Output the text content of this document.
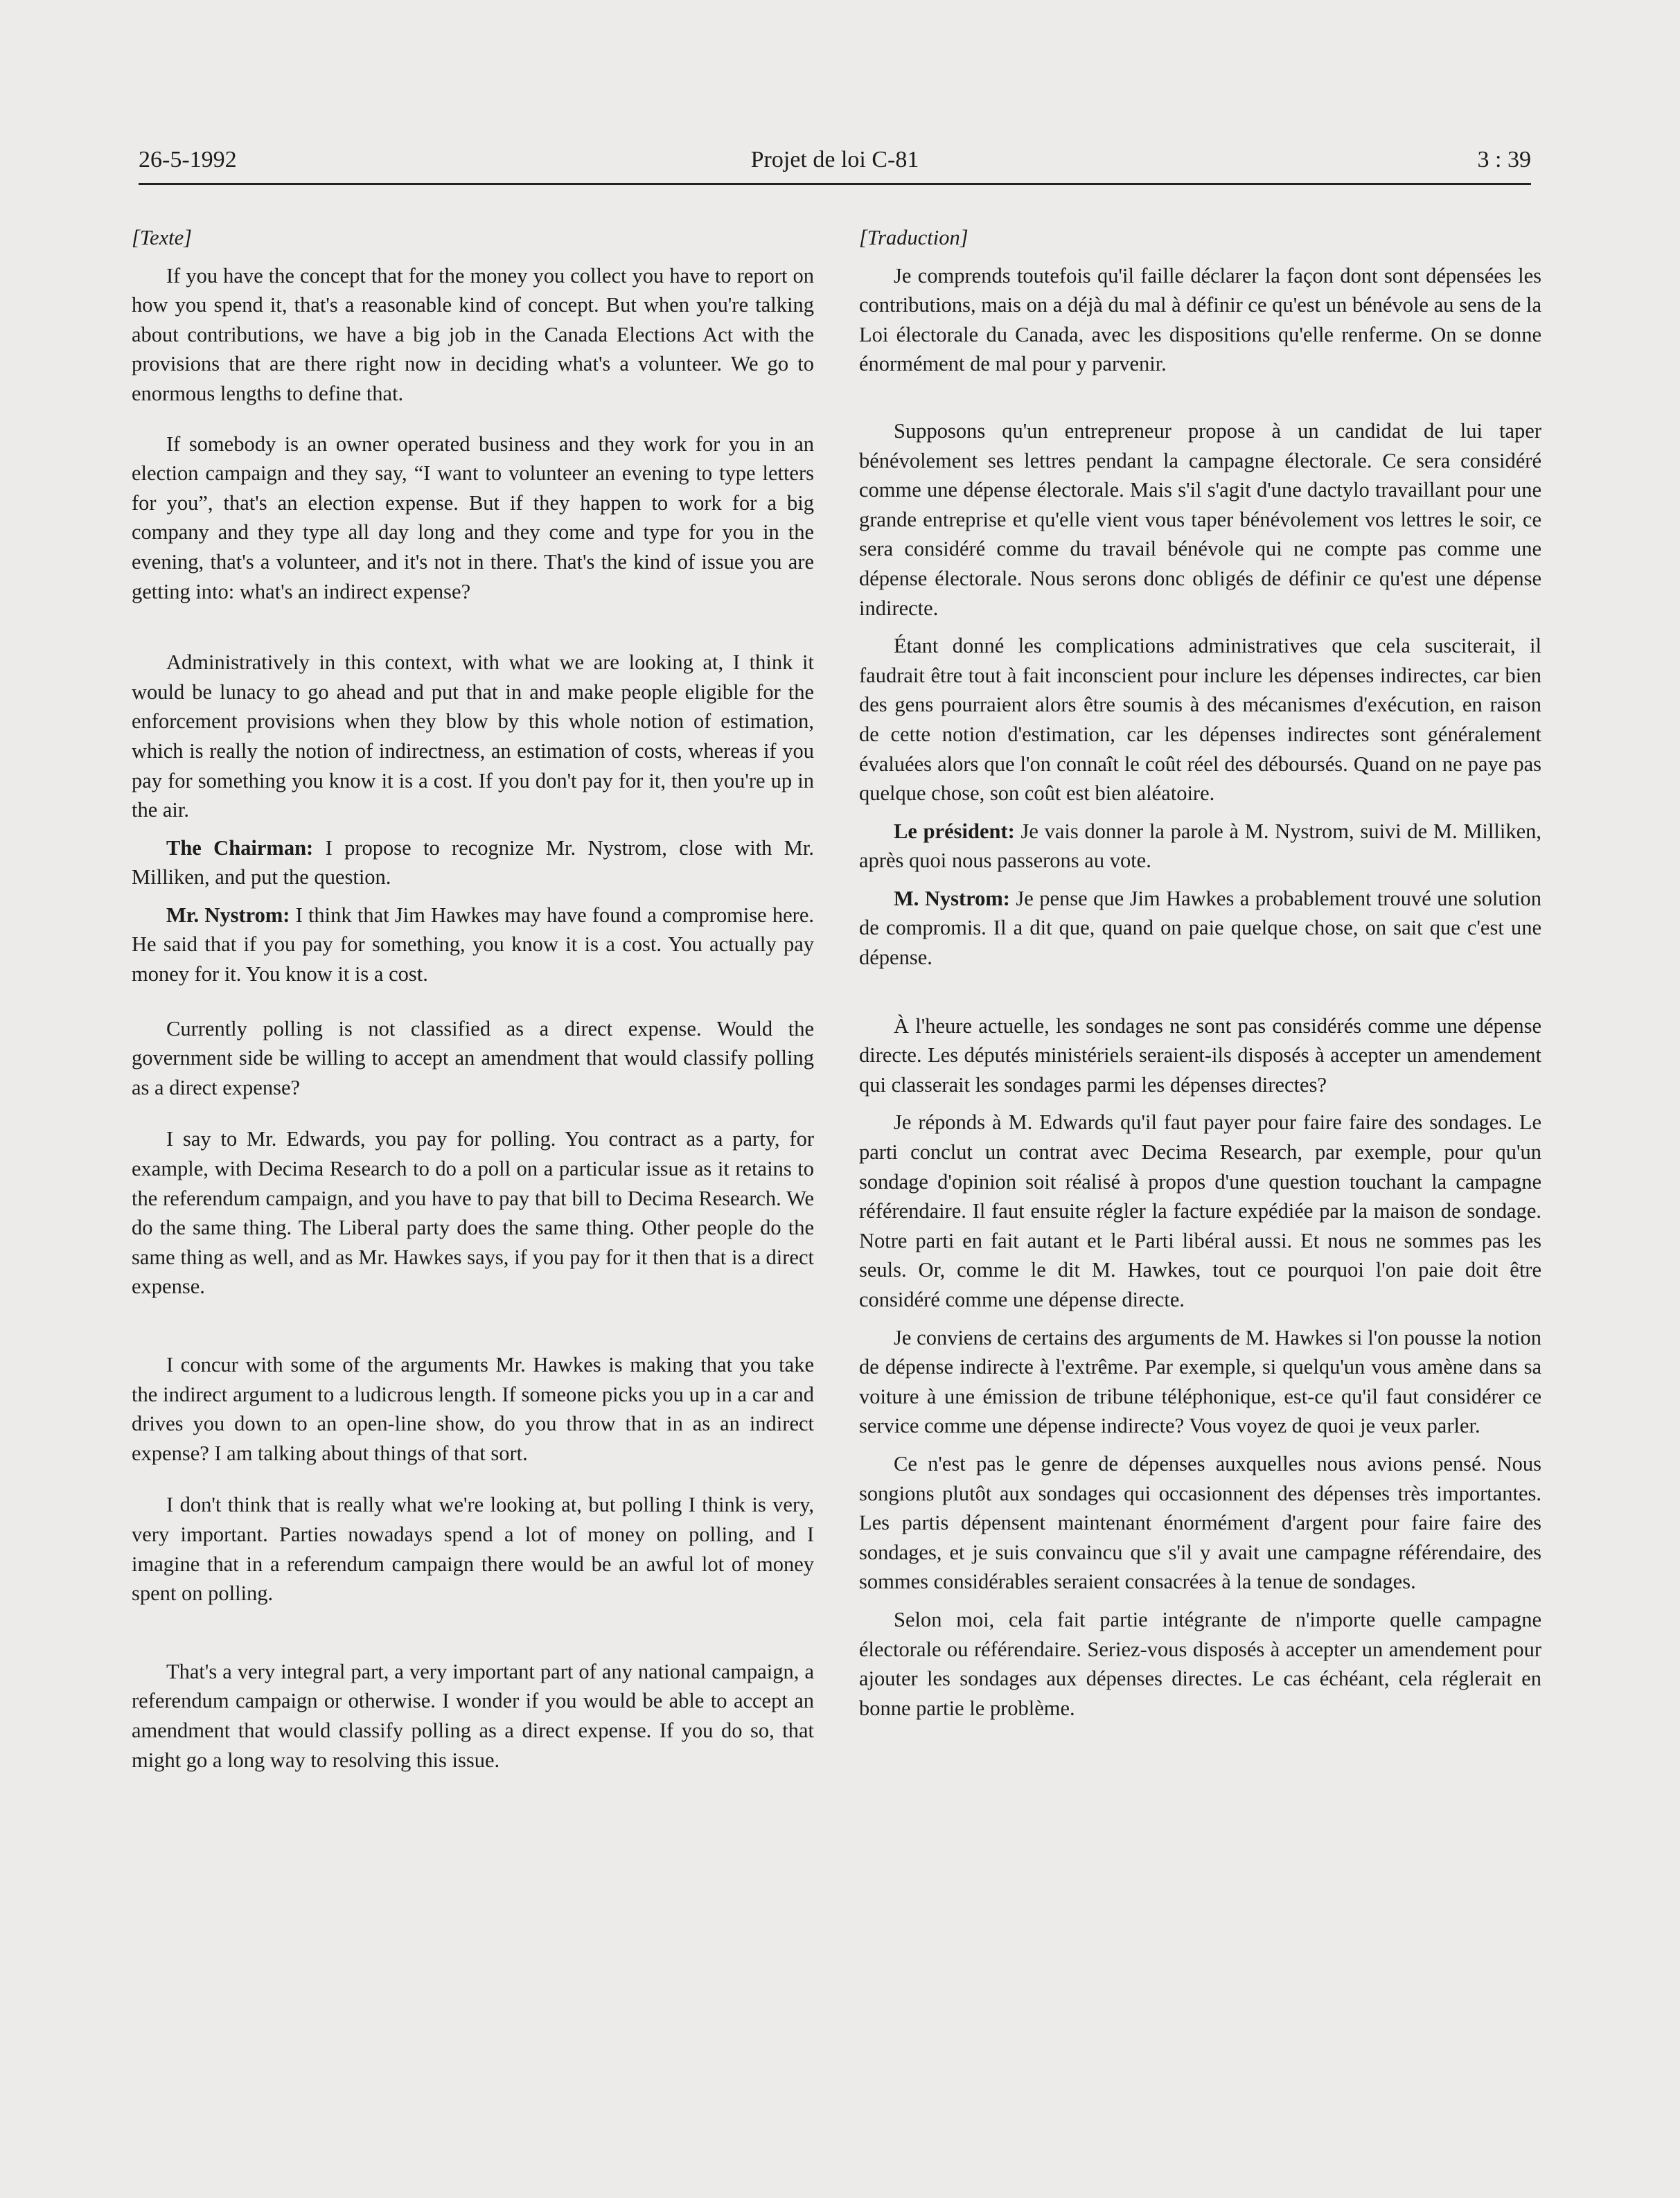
26-5-1992	Projet de loi C-81	3 : 39
[Texte]

If you have the concept that for the money you collect you have to report on how you spend it, that's a reasonable kind of concept. But when you're talking about contributions, we have a big job in the Canada Elections Act with the provisions that are there right now in deciding what's a volunteer. We go to enormous lengths to define that.

If somebody is an owner operated business and they work for you in an election campaign and they say, “I want to volunteer an evening to type letters for you”, that's an election expense. But if they happen to work for a big company and they type all day long and they come and type for you in the evening, that's a volunteer, and it's not in there. That's the kind of issue you are getting into: what's an indirect expense?

Administratively in this context, with what we are looking at, I think it would be lunacy to go ahead and put that in and make people eligible for the enforcement provisions when they blow by this whole notion of estimation, which is really the notion of indirectness, an estimation of costs, whereas if you pay for something you know it is a cost. If you don't pay for it, then you're up in the air.

The Chairman: I propose to recognize Mr. Nystrom, close with Mr. Milliken, and put the question.

Mr. Nystrom: I think that Jim Hawkes may have found a compromise here. He said that if you pay for something, you know it is a cost. You actually pay money for it. You know it is a cost.

Currently polling is not classified as a direct expense. Would the government side be willing to accept an amendment that would classify polling as a direct expense?

I say to Mr. Edwards, you pay for polling. You contract as a party, for example, with Decima Research to do a poll on a particular issue as it retains to the referendum campaign, and you have to pay that bill to Decima Research. We do the same thing. The Liberal party does the same thing. Other people do the same thing as well, and as Mr. Hawkes says, if you pay for it then that is a direct expense.

I concur with some of the arguments Mr. Hawkes is making that you take the indirect argument to a ludicrous length. If someone picks you up in a car and drives you down to an open-line show, do you throw that in as an indirect expense? I am talking about things of that sort.

I don't think that is really what we're looking at, but polling I think is very, very important. Parties nowadays spend a lot of money on polling, and I imagine that in a referendum campaign there would be an awful lot of money spent on polling.

That's a very integral part, a very important part of any national campaign, a referendum campaign or otherwise. I wonder if you would be able to accept an amendment that would classify polling as a direct expense. If you do so, that might go a long way to resolving this issue.

[Traduction]

Je comprends toutefois qu'il faille déclarer la façon dont sont dépensées les contributions, mais on a déjà du mal à définir ce qu'est un bénévole au sens de la Loi électorale du Canada, avec les dispositions qu'elle renferme. On se donne énormément de mal pour y parvenir.

Supposons qu'un entrepreneur propose à un candidat de lui taper bénévolement ses lettres pendant la campagne électorale. Ce sera considéré comme une dépense électorale. Mais s'il s'agit d'une dactylo travaillant pour une grande entreprise et qu'elle vient vous taper bénévolement vos lettres le soir, ce sera considéré comme du travail bénévole qui ne compte pas comme une dépense électorale. Nous serons donc obligés de définir ce qu'est une dépense indirecte.

Étant donné les complications administratives que cela susciterait, il faudrait être tout à fait inconscient pour inclure les dépenses indirectes, car bien des gens pourraient alors être soumis à des mécanismes d'exécution, en raison de cette notion d'estimation, car les dépenses indirectes sont généralement évaluées alors que l'on connaît le coût réel des déboursés. Quand on ne paye pas quelque chose, son coût est bien aléatoire.

Le président: Je vais donner la parole à M. Nystrom, suivi de M. Milliken, après quoi nous passerons au vote.

M. Nystrom: Je pense que Jim Hawkes a probablement trouvé une solution de compromis. Il a dit que, quand on paie quelque chose, on sait que c'est une dépense.

À l'heure actuelle, les sondages ne sont pas considérés comme une dépense directe. Les députés ministériels seraient-ils disposés à accepter un amendement qui classerait les sondages parmi les dépenses directes?

Je réponds à M. Edwards qu'il faut payer pour faire faire des sondages. Le parti conclut un contrat avec Decima Research, par exemple, pour qu'un sondage d'opinion soit réalisé à propos d'une question touchant la campagne référendaire. Il faut ensuite régler la facture expédiée par la maison de sondage. Notre parti en fait autant et le Parti libéral aussi. Et nous ne sommes pas les seuls. Or, comme le dit M. Hawkes, tout ce pourquoi l'on paie doit être considéré comme une dépense directe.

Je conviens de certains des arguments de M. Hawkes si l'on pousse la notion de dépense indirecte à l'extrême. Par exemple, si quelqu'un vous amène dans sa voiture à une émission de tribune téléphonique, est-ce qu'il faut considérer ce service comme une dépense indirecte? Vous voyez de quoi je veux parler.

Ce n'est pas le genre de dépenses auxquelles nous avions pensé. Nous songions plutôt aux sondages qui occasionnent des dépenses très importantes. Les partis dépensent maintenant énormément d'argent pour faire faire des sondages, et je suis convaincu que s'il y avait une campagne référendaire, des sommes considérables seraient consacrées à la tenue de sondages.

Selon moi, cela fait partie intégrante de n'importe quelle campagne électorale ou référendaire. Seriez-vous disposés à accepter un amendement pour ajouter les sondages aux dépenses directes. Le cas échéant, cela réglerait en bonne partie le problème.
